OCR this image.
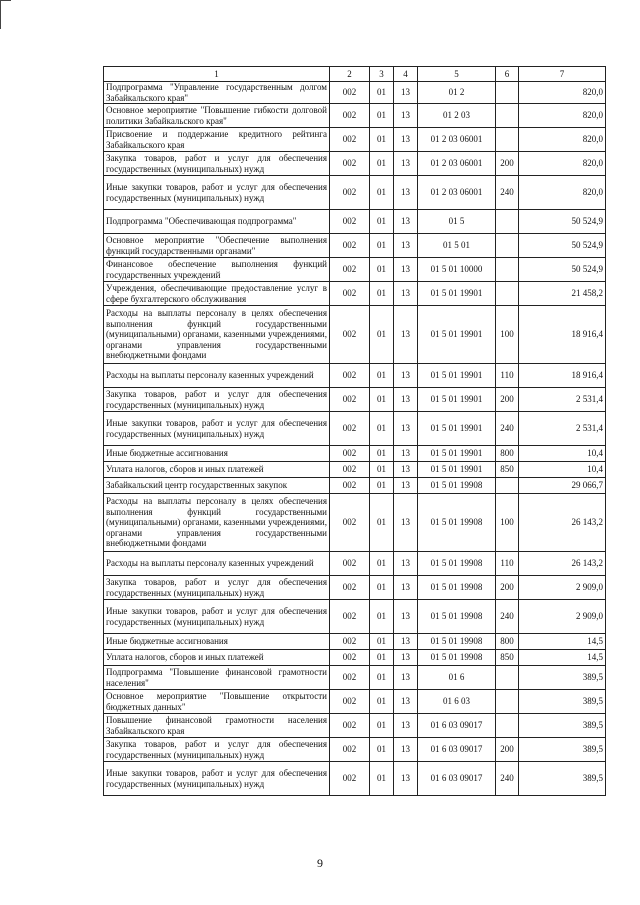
1	2	3	4	5	6	7
Подпрограмма "Управление государственным долгом Забайкальского края"	002	01	13	01 2		820,0
Основное мероприятие "Повышение гибкости долговой политики Забайкальского края"	002	01	13	01 2 03		820,0
Присвоение и поддержание кредитного рейтинга Забайкальского края	002	01	13	01 2 03 06001		820,0
Закупка товаров, работ и услуг для обеспечения государственных (муниципальных) нужд	002	01	13	01 2 03 06001	200	820,0
Иные закупки товаров, работ и услуг для обеспечения государственных (муниципальных) нужд	002	01	13	01 2 03 06001	240	820,0
Подпрограмма "Обеспечивающая подпрограмма"	002	01	13	01 5		50 524,9
Основное мероприятие "Обеспечение выполнения функций государственными органами"	002	01	13	01 5 01		50 524,9
Финансовое обеспечение выполнения функций государственных учреждений	002	01	13	01 5 01 10000		50 524,9
Учреждения, обеспечивающие предоставление услуг в сфере бухгалтерского обслуживания	002	01	13	01 5 01 19901		21 458,2
Расходы на выплаты персоналу в целях обеспечения выполнения функций государственными (муниципальными) органами, казенными учреждениями, органами управления государственными внебюджетными фондами	002	01	13	01 5 01 19901	100	18 916,4
Расходы на выплаты персоналу казенных учреждений	002	01	13	01 5 01 19901	110	18 916,4
Закупка товаров, работ и услуг для обеспечения государственных (муниципальных) нужд	002	01	13	01 5 01 19901	200	2 531,4
Иные закупки товаров, работ и услуг для обеспечения государственных (муниципальных) нужд	002	01	13	01 5 01 19901	240	2 531,4
Иные бюджетные ассигнования	002	01	13	01 5 01 19901	800	10,4
Уплата налогов, сборов и иных платежей	002	01	13	01 5 01 19901	850	10,4
Забайкальский центр государственных закупок	002	01	13	01 5 01 19908		29 066,7
Расходы на выплаты персоналу в целях обеспечения выполнения функций государственными (муниципальными) органами, казенными учреждениями, органами управления государственными внебюджетными фондами	002	01	13	01 5 01 19908	100	26 143,2
Расходы на выплаты персоналу казенных учреждений	002	01	13	01 5 01 19908	110	26 143,2
Закупка товаров, работ и услуг для обеспечения государственных (муниципальных) нужд	002	01	13	01 5 01 19908	200	2 909,0
Иные закупки товаров, работ и услуг для обеспечения государственных (муниципальных) нужд	002	01	13	01 5 01 19908	240	2 909,0
Иные бюджетные ассигнования	002	01	13	01 5 01 19908	800	14,5
Уплата налогов, сборов и иных платежей	002	01	13	01 5 01 19908	850	14,5
Подпрограмма "Повышение финансовой грамотности населения"	002	01	13	01 6		389,5
Основное мероприятие "Повышение открытости бюджетных данных"	002	01	13	01 6 03		389,5
Повышение финансовой грамотности населения Забайкальского края	002	01	13	01 6 03 09017		389,5
Закупка товаров, работ и услуг для обеспечения государственных (муниципальных) нужд	002	01	13	01 6 03 09017	200	389,5
Иные закупки товаров, работ и услуг для обеспечения государственных (муниципальных) нужд	002	01	13	01 6 03 09017	240	389,5
9
